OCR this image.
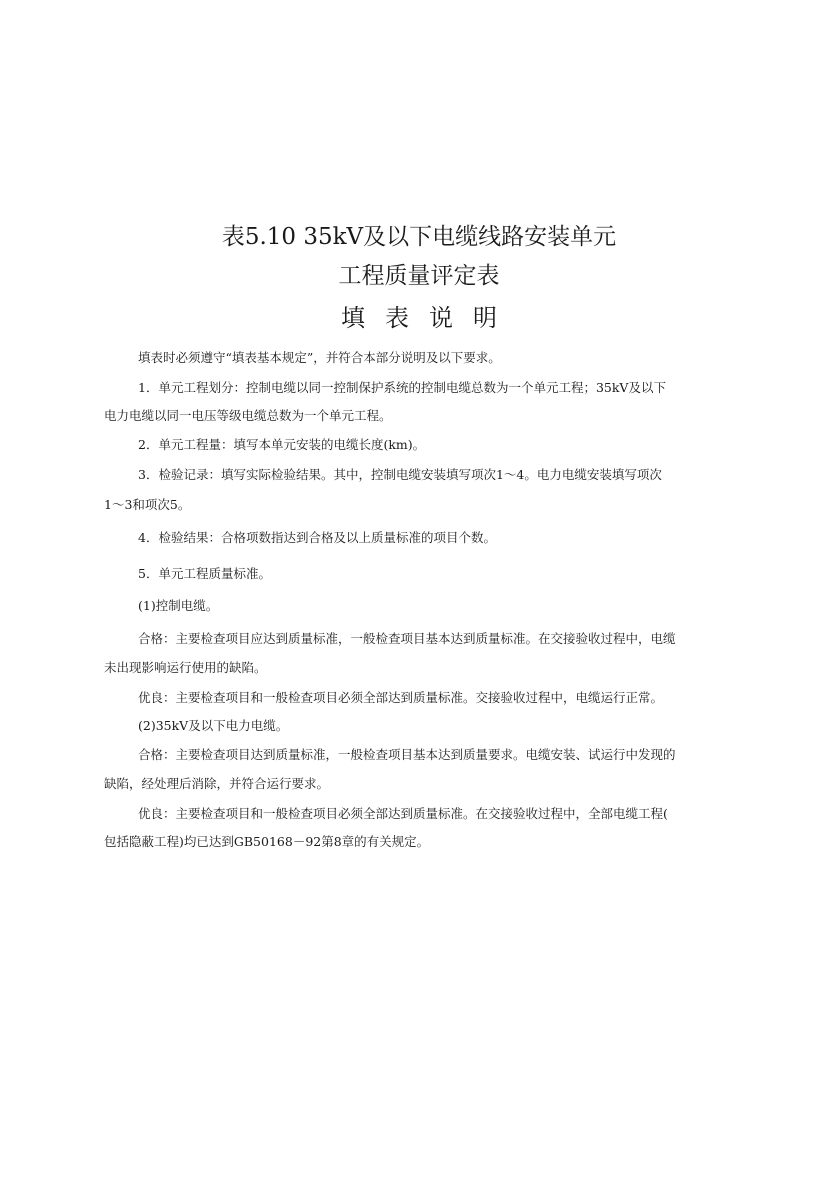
表5.10 35kV及以下电缆线路安装单元
工程质量评定表
填表说明
填表时必须遵守“填表基本规定”，并符合本部分说明及以下要求。
1．单元工程划分：控制电缆以同一控制保护系统的控制电缆总数为一个单元工程；35kV及以下
电力电缆以同一电压等级电缆总数为一个单元工程。
2．单元工程量：填写本单元安装的电缆长度(km)。
3．检验记录：填写实际检验结果。其中，控制电缆安装填写项次1～4。电力电缆安装填写项次
1～3和项次5。
4．检验结果：合格项数指达到合格及以上质量标准的项目个数。
5．单元工程质量标准。
(1)控制电缆。
合格：主要检查项目应达到质量标准，一般检查项目基本达到质量标准。在交接验收过程中，电缆
未出现影响运行使用的缺陷。
优良：主要检查项目和一般检查项目必须全部达到质量标准。交接验收过程中，电缆运行正常。
(2)35kV及以下电力电缆。
合格：主要检查项目达到质量标准，一般检查项目基本达到质量要求。电缆安装、试运行中发现的
缺陷，经处理后消除，并符合运行要求。
优良：主要检查项目和一般检查项目必须全部达到质量标准。在交接验收过程中，全部电缆工程(
包括隐蔽工程)均已达到GB50168－92第8章的有关规定。
